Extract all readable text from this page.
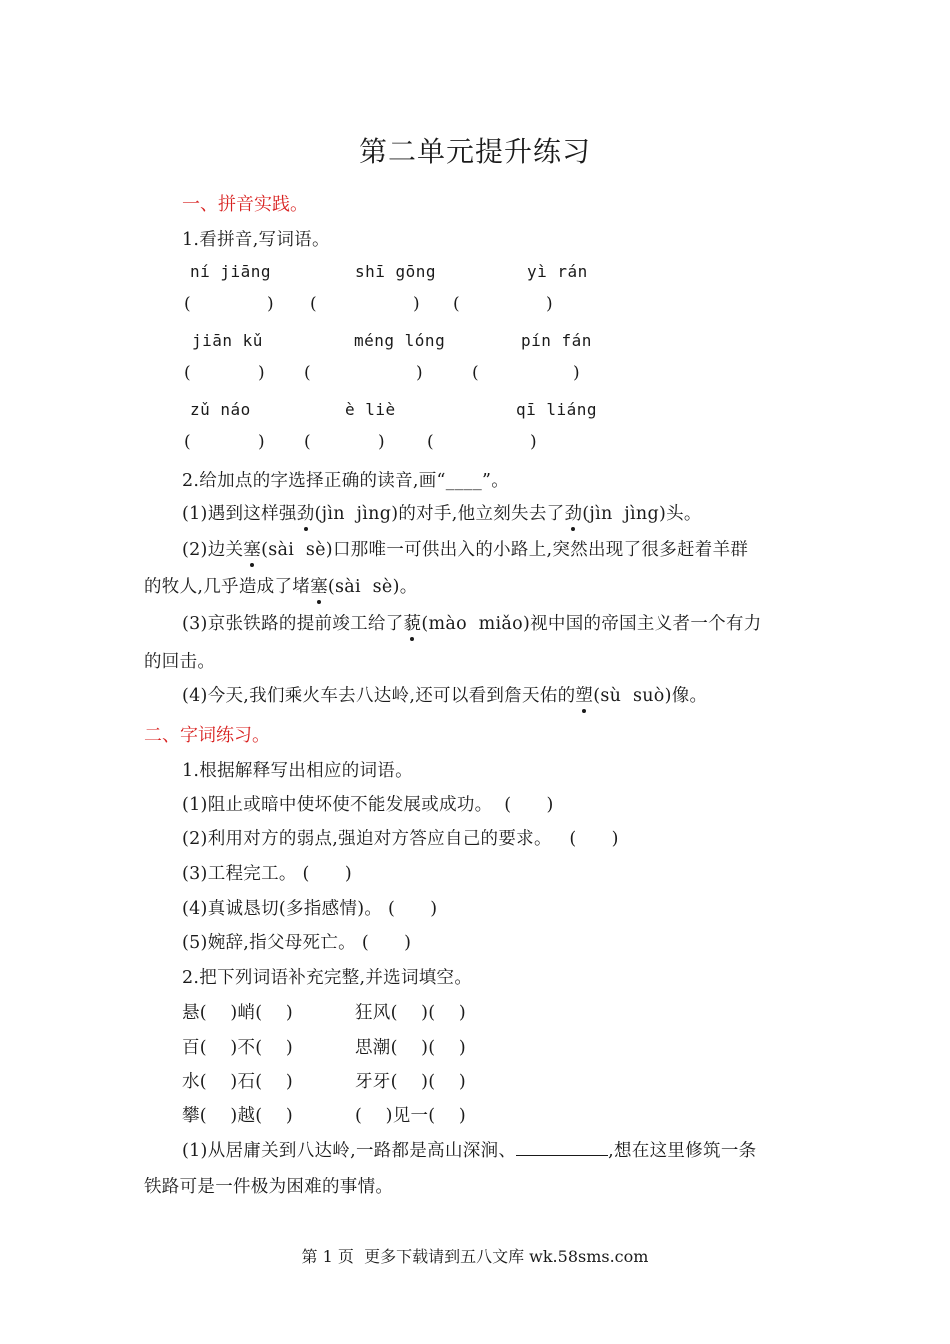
第二单元提升练习
一、拼音实践。
1.看拼音,写词语。
ní jiāng	shī gōng	yì rán
(	) (	) (	)
jiān kǔ	méng lóng	pín fán
(	) (	)	(	)
zǔ náo	è liè	qī liáng
(	) (	) (	)
2.给加点的字选择正确的读音,画“____”。
(1)遇到这样强劲(jìn  jìng)的对手,他立刻失去了劲(jìn  jìng)头。
(2)边关塞(sài  sè)口那唯一可供出入的小路上,突然出现了很多赶着羊群
的牧人,几乎造成了堵塞(sài  sè)。
(3)京张铁路的提前竣工给了藐(mào  miǎo)视中国的帝国主义者一个有力
的回击。
(4)今天,我们乘火车去八达岭,还可以看到詹天佑的塑(sù  suò)像。
二、字词练习。
1.根据解释写出相应的词语。
(1)阻止或暗中使坏使不能发展或成功。  (      )
(2)利用对方的弱点,强迫对方答应自己的要求。   (      )
(3)工程完工。 (      )
(4)真诚恳切(多指感情)。 (      )
(5)婉辞,指父母死亡。 (      )
2.把下列词语补充完整,并选词填空。
悬(    )峭(    )	狂风(    )(    )
百(    )不(    )	思潮(    )(    )
水(    )石(    )	牙牙(    )(    )
攀(    )越(    )	(    )见一(    )
(1)从居庸关到八达岭,一路都是高山深涧、	,想在这里修筑一条
铁路可是一件极为困难的事情。
第 1 页  更多下载请到五八文库 wk.58sms.com
